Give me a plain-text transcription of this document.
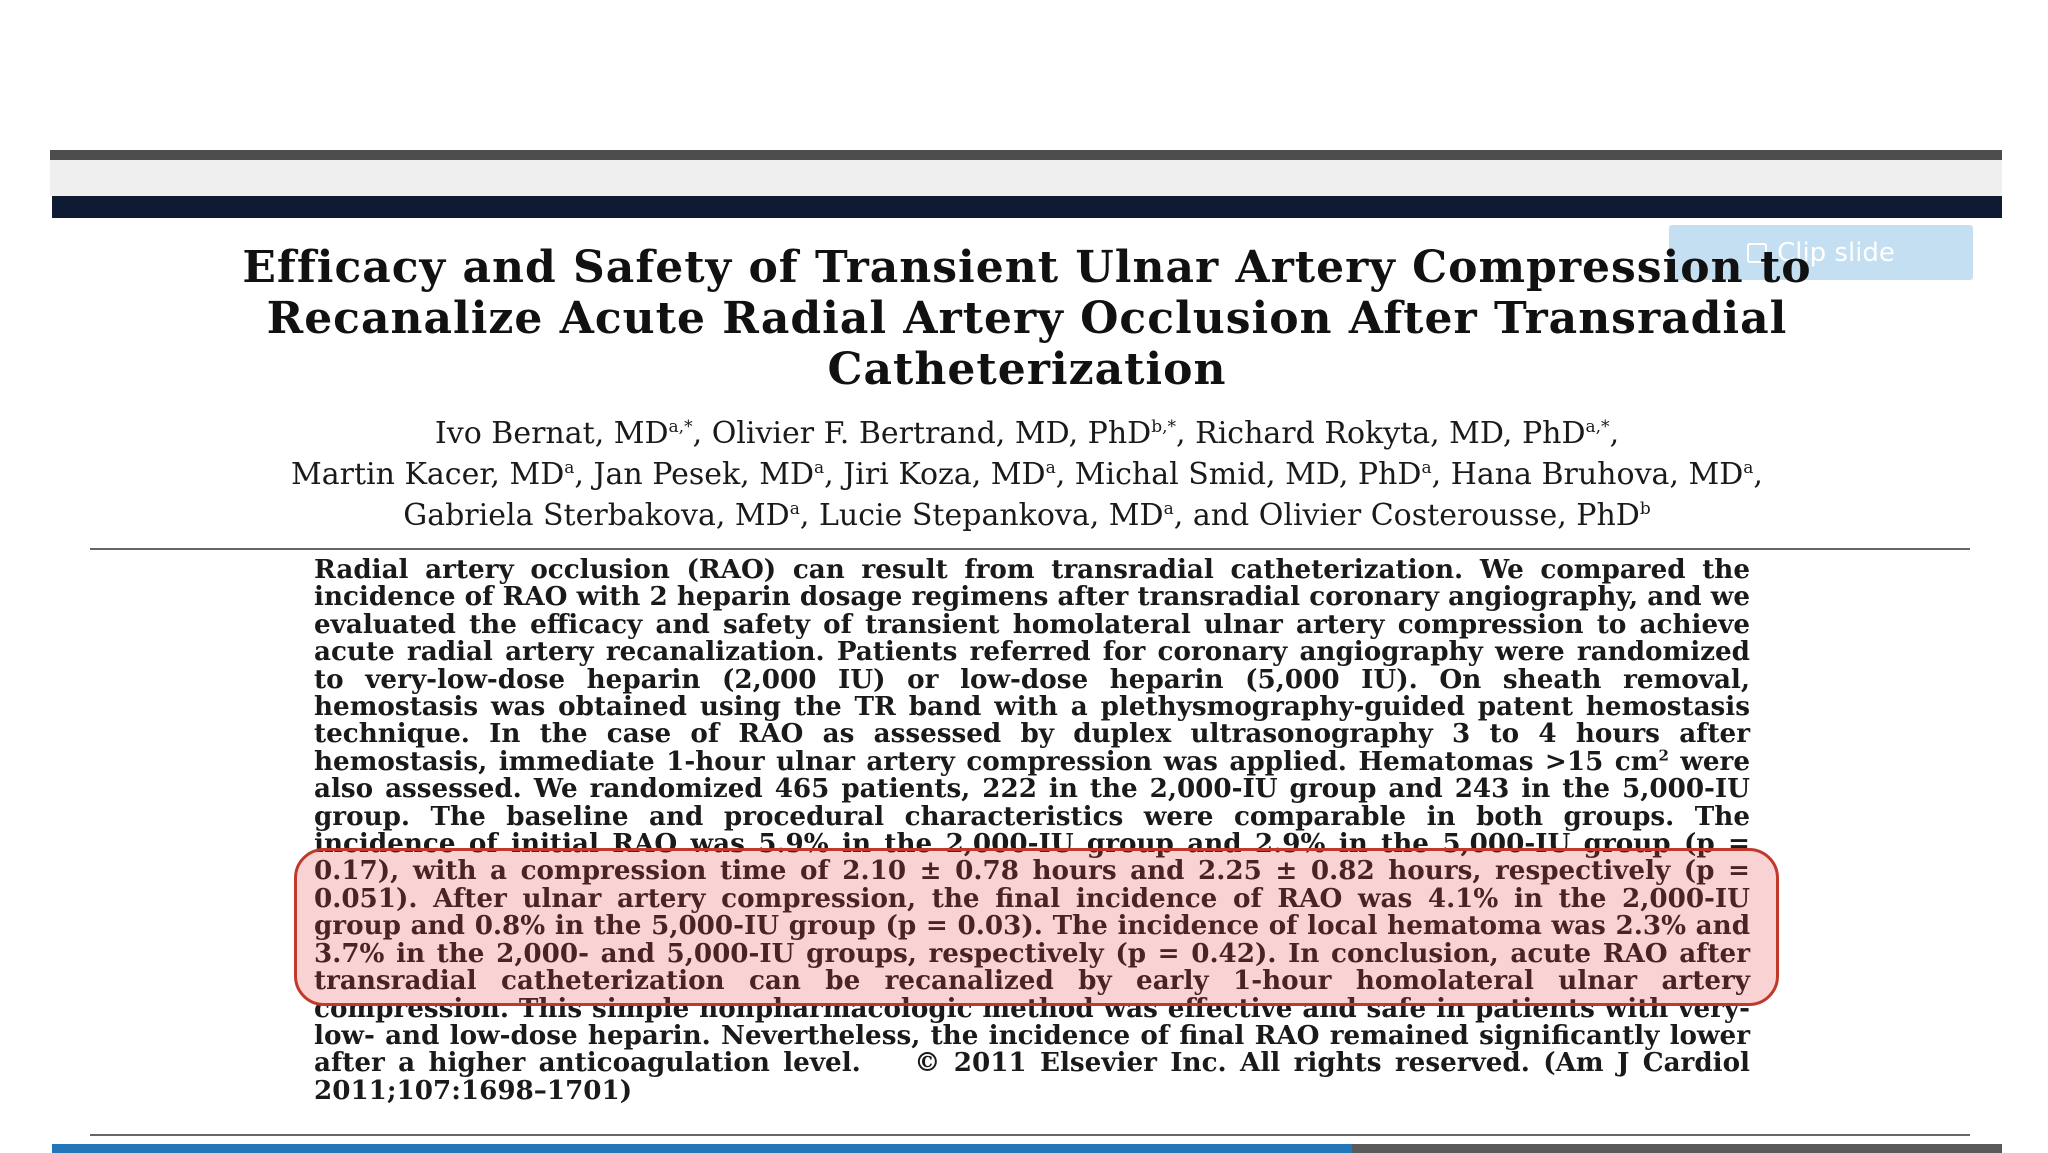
Clip slide
Efficacy and Safety of Transient Ulnar Artery Compression to Recanalize Acute Radial Artery Occlusion After Transradial Catheterization

Ivo Bernat, $MD^{a,*}$, Olivier F. Bertrand, MD, PhD$^{b,*}$, Richard Rokyta, MD, PhD$^{a,*}$,
Martin Kacer, $MD^a$, Jan Pesek, $MD^a$, Jiri Koza, $MD^a$, Michal Smid, MD, PhD$^a$, Hana Bruhova, $MD^a$,
Gabriela Sterbakova, $MD^a$, Lucie Stepankova, $MD^a$, and Olivier Costerousse, PhD$^b$

Radial artery occlusion (RAO) can result from transradial catheterization. We compared the incidence of RAO with 2 heparin dosage regimens after transradial coronary angiography, and we evaluated the efficacy and safety of transient homolateral ulnar artery compression to achieve acute radial artery recanalization. Patients referred for coronary angiography were randomized to very-low-dose heparin (2,000 IU) or low-dose heparin (5,000 IU). On sheath removal, hemostasis was obtained using the TR band with a plethysmography-guided patent hemostasis technique. In the case of RAO as assessed by duplex ultrasonography 3 to 4 hours after hemostasis, immediate 1-hour ulnar artery compression was applied. Hematomas >15 $cm^2$ were also assessed. We randomized 465 patients, 222 in the 2,000-IU group and 243 in the 5,000-IU group. The baseline and procedural characteristics were comparable in both groups. The incidence of initial RAO was 5.9% in the 2,000-IU group and 2.9% in the 5,000-IU group (p = 0.17), with a compression time of 2.10 ± 0.78 hours and 2.25 ± 0.82 hours, respectively (p = 0.051). After ulnar artery compression, the final incidence of RAO was 4.1% in the 2,000-IU group and 0.8% in the 5,000-IU group (p = 0.03). The incidence of local hematoma was 2.3% and 3.7% in the 2,000- and 5,000-IU groups, respectively (p = 0.42). In conclusion, acute RAO after transradial catheterization can be recanalized by early 1-hour homolateral ulnar artery compression. This simple nonpharmacologic method was effective and safe in patients with very-low- and low-dose heparin. Nevertheless, the incidence of final RAO remained significantly lower after a higher anticoagulation level. © 2011 Elsevier Inc. All rights reserved. (Am J Cardiol 2011;107:1698–1701)
